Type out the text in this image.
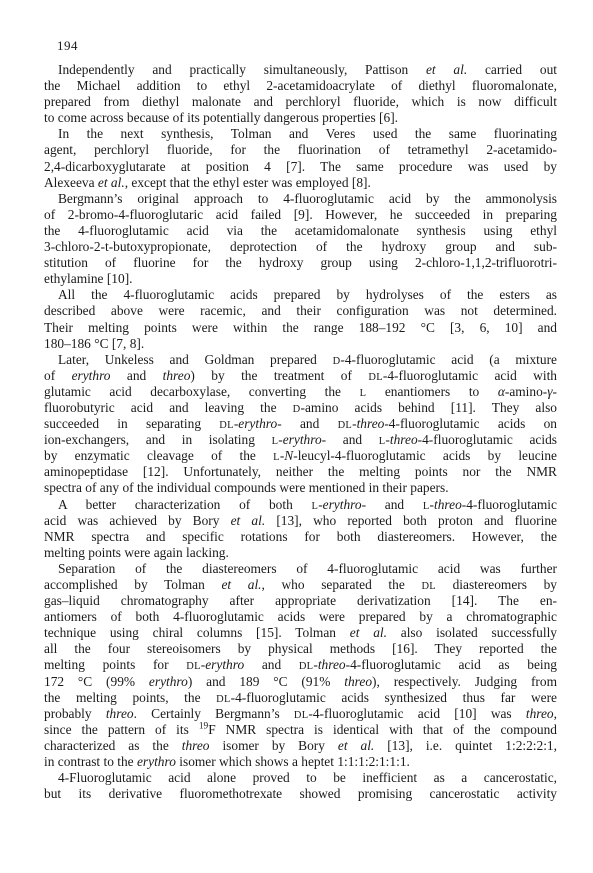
194
Independently and practically simultaneously, Pattison et al. carried out
the Michael addition to ethyl 2-acetamidoacrylate of diethyl fluoromalonate,
prepared from diethyl malonate and perchloryl fluoride, which is now difficult
to come across because of its potentially dangerous properties [6].
In the next synthesis, Tolman and Veres used the same fluorinating
agent, perchloryl fluoride, for the fluorination of tetramethyl 2-acetamido-
2,4-dicarboxyglutarate at position 4 [7]. The same procedure was used by
Alexeeva et al., except that the ethyl ester was employed [8].
Bergmann’s original approach to 4-fluoroglutamic acid by the ammonolysis
of 2-bromo-4-fluoroglutaric acid failed [9]. However, he succeeded in preparing
the 4-fluoroglutamic acid via the acetamidomalonate synthesis using ethyl
3-chloro-2-t-butoxypropionate, deprotection of the hydroxy group and sub-
stitution of fluorine for the hydroxy group using 2-chloro-1,1,2-trifluorotri-
ethylamine [10].
All the 4-fluoroglutamic acids prepared by hydrolyses of the esters as
described above were racemic, and their configuration was not determined.
Their melting points were within the range 188–192 °C [3, 6, 10] and
180–186 °C [7, 8].
Later, Unkeless and Goldman prepared D-4-fluoroglutamic acid (a mixture
of erythro and threo) by the treatment of DL-4-fluoroglutamic acid with
glutamic acid decarboxylase, converting the L enantiomers to α-amino-γ-
fluorobutyric acid and leaving the D-amino acids behind [11]. They also
succeeded in separating DL-erythro- and DL-threo-4-fluoroglutamic acids on
ion-exchangers, and in isolating L-erythro- and L-threo-4-fluoroglutamic acids
by enzymatic cleavage of the L-N-leucyl-4-fluoroglutamic acids by leucine
aminopeptidase [12]. Unfortunately, neither the melting points nor the NMR
spectra of any of the individual compounds were mentioned in their papers.
A better characterization of both L-erythro- and L-threo-4-fluoroglutamic
acid was achieved by Bory et al. [13], who reported both proton and fluorine
NMR spectra and specific rotations for both diastereomers. However, the
melting points were again lacking.
Separation of the diastereomers of 4-fluoroglutamic acid was further
accomplished by Tolman et al., who separated the DL diastereomers by
gas–liquid chromatography after appropriate derivatization [14]. The en-
antiomers of both 4-fluoroglutamic acids were prepared by a chromatographic
technique using chiral columns [15]. Tolman et al. also isolated successfully
all the four stereoisomers by physical methods [16]. They reported the
melting points for DL-erythro and DL-threo-4-fluoroglutamic acid as being
172 °C (99% erythro) and 189 °C (91% threo), respectively. Judging from
the melting points, the DL-4-fluoroglutamic acids synthesized thus far were
probably threo. Certainly Bergmann’s DL-4-fluoroglutamic acid [10] was threo,
since the pattern of its $^{19}$F NMR spectra is identical with that of the compound
characterized as the threo isomer by Bory et al. [13], i.e. quintet 1:2:2:2:1,
in contrast to the erythro isomer which shows a heptet 1:1:1:2:1:1:1.
4-Fluoroglutamic acid alone proved to be inefficient as a cancerostatic,
but its derivative fluoromethotrexate showed promising cancerostatic activity
